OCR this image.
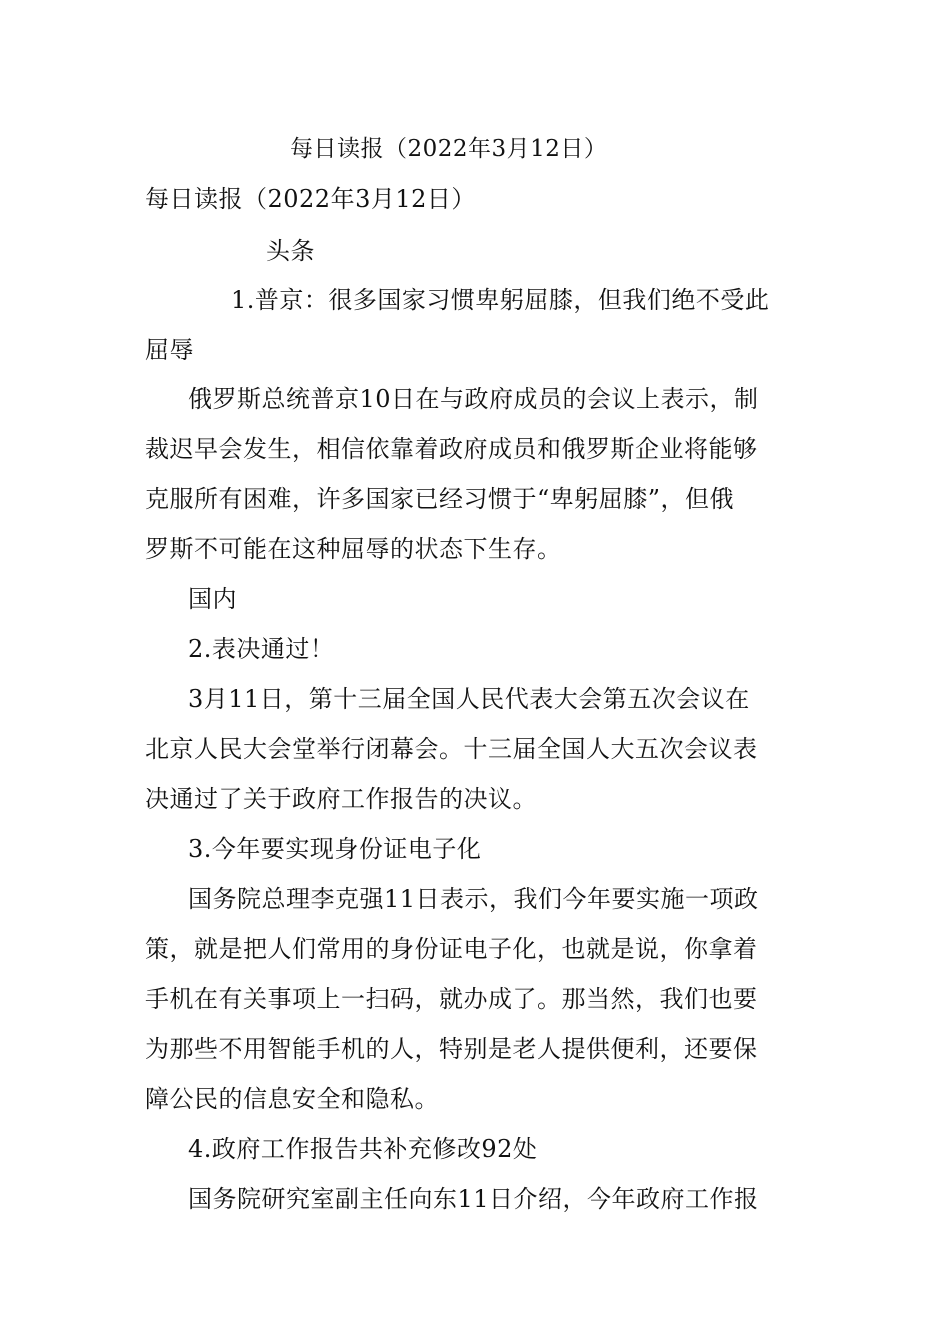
每日读报（2022年3月12日）
每日读报（2022年3月12日）
头条
1.普京：很多国家习惯卑躬屈膝，但我们绝不受此
屈辱
俄罗斯总统普京10日在与政府成员的会议上表示，制
裁迟早会发生，相信依靠着政府成员和俄罗斯企业将能够
克服所有困难，许多国家已经习惯于“卑躬屈膝”，但俄
罗斯不可能在这种屈辱的状态下生存。
国内
2.表决通过！
3月11日，第十三届全国人民代表大会第五次会议在
北京人民大会堂举行闭幕会。十三届全国人大五次会议表
决通过了关于政府工作报告的决议。
3.今年要实现身份证电子化
国务院总理李克强11日表示，我们今年要实施一项政
策，就是把人们常用的身份证电子化，也就是说，你拿着
手机在有关事项上一扫码，就办成了。那当然，我们也要
为那些不用智能手机的人，特别是老人提供便利，还要保
障公民的信息安全和隐私。
4.政府工作报告共补充修改92处
国务院研究室副主任向东11日介绍，今年政府工作报
